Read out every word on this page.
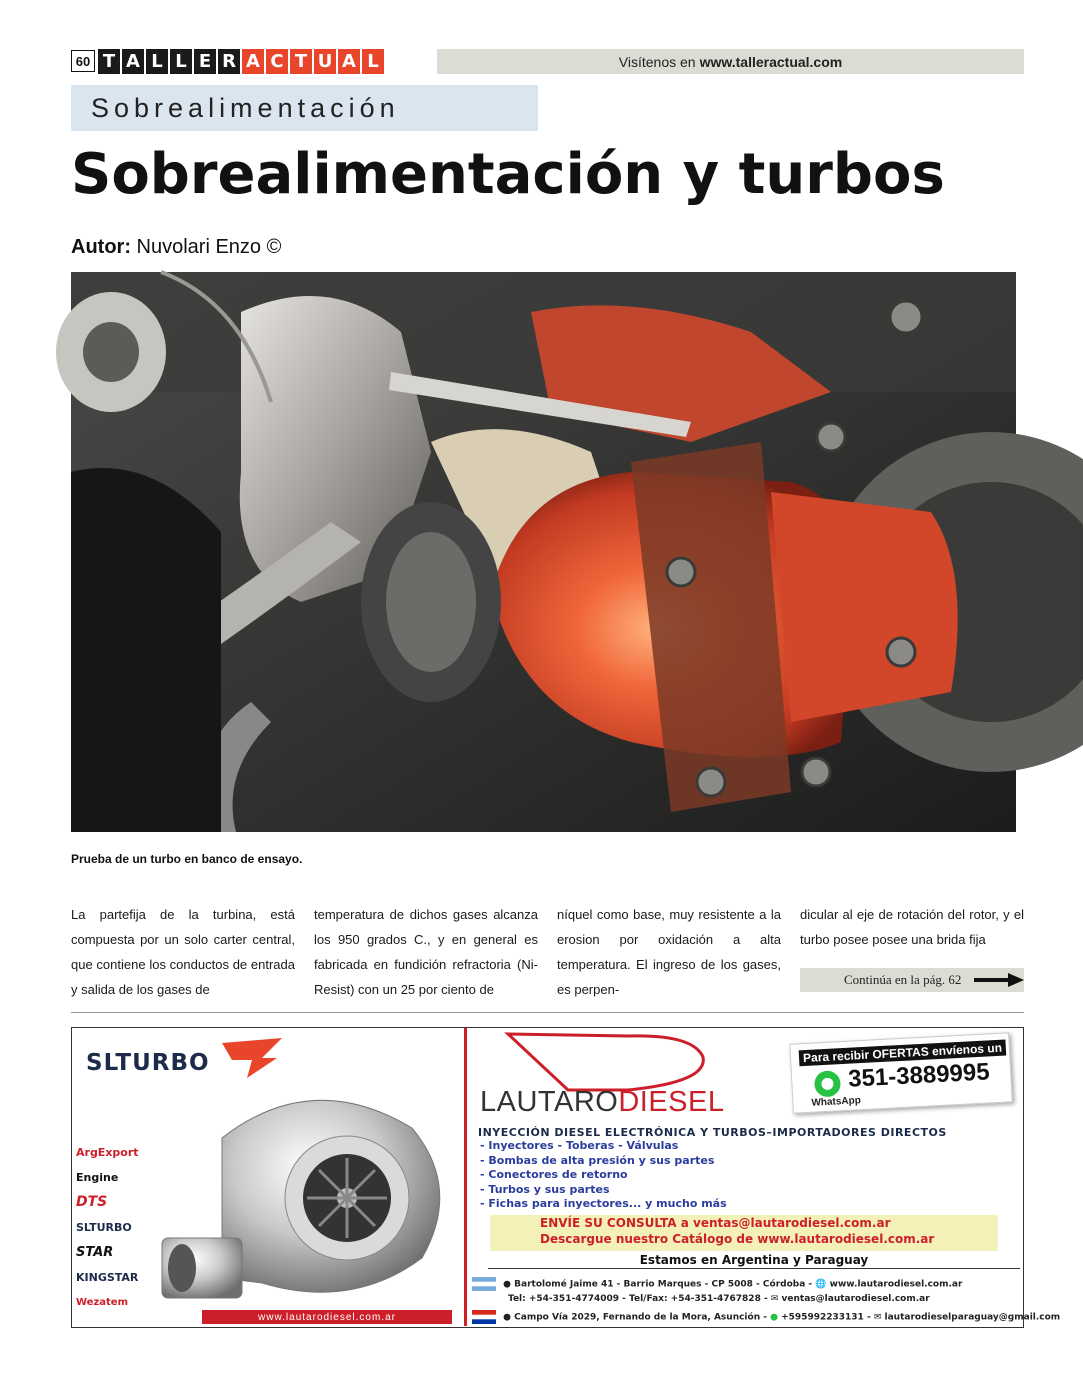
60 T A L L E R A C T U A L	Visítenos en www.talleractual.com
Sobrealimentación
Sobrealimentación y turbos
Autor: Nuvolari Enzo ©
Prueba de un turbo en banco de ensayo.
La partefija de la turbina, está compuesta por un solo carter central, que contiene los conductos de entrada y salida de los gases de
temperatura de dichos gases alcanza los 950 grados C., y en general es fabricada en fundición refractoria (Ni-Resist) con un 25 por ciento de
níquel como base, muy resistente a la erosion por oxidación a alta temperatura. El ingreso de los gases, es perpen-
dicular al eje de rotación del rotor, y el turbo posee posee una brida fija
Continúa en la pág. 62
SLTURBO
ArgExport
Engine
DTS
SLTURBO
STAR
KINGSTAR
Wezatem
www.lautarodiesel.com.ar
LAUTARODIESEL
Para recibir OFERTAS envíenos un
351-3889995
WhatsApp
INYECCIÓN DIESEL ELECTRÓNICA Y TURBOS–IMPORTADORES DIRECTOS
- Inyectores - Toberas - Válvulas
- Bombas de alta presión y sus partes
- Conectores de retorno
- Turbos y sus partes
- Fichas para inyectores... y mucho más
ENVÍE SU CONSULTA a ventas@lautarodiesel.com.ar
Descargue nuestro Catálogo de www.lautarodiesel.com.ar
Estamos en Argentina y Paraguay
● Bartolomé Jaime 41 - Barrio Marques - CP 5008 - Córdoba - 🌐 www.lautarodiesel.com.ar
Tel: +54-351-4774009 - Tel/Fax: +54-351-4767828 - ✉ ventas@lautarodiesel.com.ar
● Campo Vía 2029, Fernando de la Mora, Asunción - ● +595992233131 - ✉ lautarodieselparaguay@gmail.com
